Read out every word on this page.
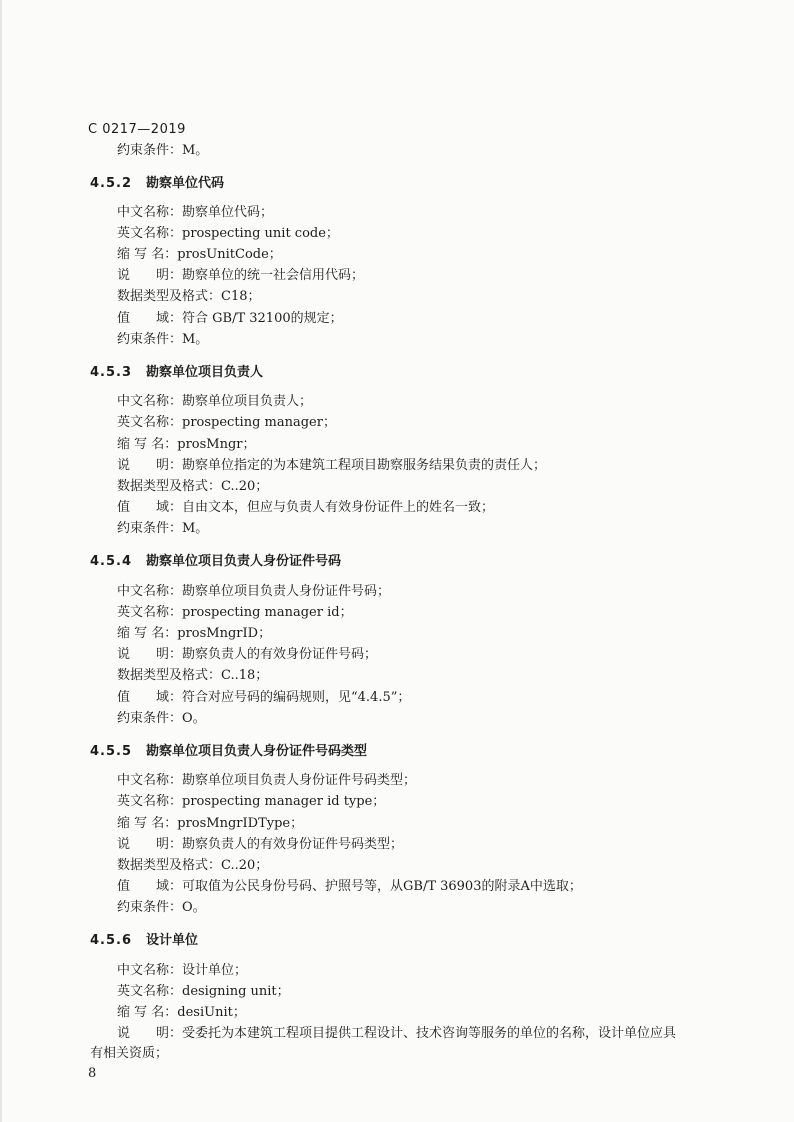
C 0217—2019
约束条件：M。
4.5.2 勘察单位代码
中文名称：勘察单位代码；
英文名称：prospecting unit code；
缩 写 名：prosUnitCode；
说　　明：勘察单位的统一社会信用代码；
数据类型及格式：C18；
值　　域：符合 GB/T 32100的规定；
约束条件：M。
4.5.3 勘察单位项目负责人
中文名称：勘察单位项目负责人；
英文名称：prospecting manager；
缩 写 名：prosMngr；
说　　明：勘察单位指定的为本建筑工程项目勘察服务结果负责的责任人；
数据类型及格式：C..20；
值　　域：自由文本，但应与负责人有效身份证件上的姓名一致；
约束条件：M。
4.5.4 勘察单位项目负责人身份证件号码
中文名称：勘察单位项目负责人身份证件号码；
英文名称：prospecting manager id；
缩 写 名：prosMngrID；
说　　明：勘察负责人的有效身份证件号码；
数据类型及格式：C..18；
值　　域：符合对应号码的编码规则，见“4.4.5”；
约束条件：O。
4.5.5 勘察单位项目负责人身份证件号码类型
中文名称：勘察单位项目负责人身份证件号码类型；
英文名称：prospecting manager id type；
缩 写 名：prosMngrIDType；
说　　明：勘察负责人的有效身份证件号码类型；
数据类型及格式：C..20；
值　　域：可取值为公民身份号码、护照号等，从GB/T 36903的附录A中选取；
约束条件：O。
4.5.6 设计单位
中文名称：设计单位；
英文名称：designing unit；
缩 写 名：desiUnit；
说　　明：受委托为本建筑工程项目提供工程设计、技术咨询等服务的单位的名称，设计单位应具
有相关资质；
8
